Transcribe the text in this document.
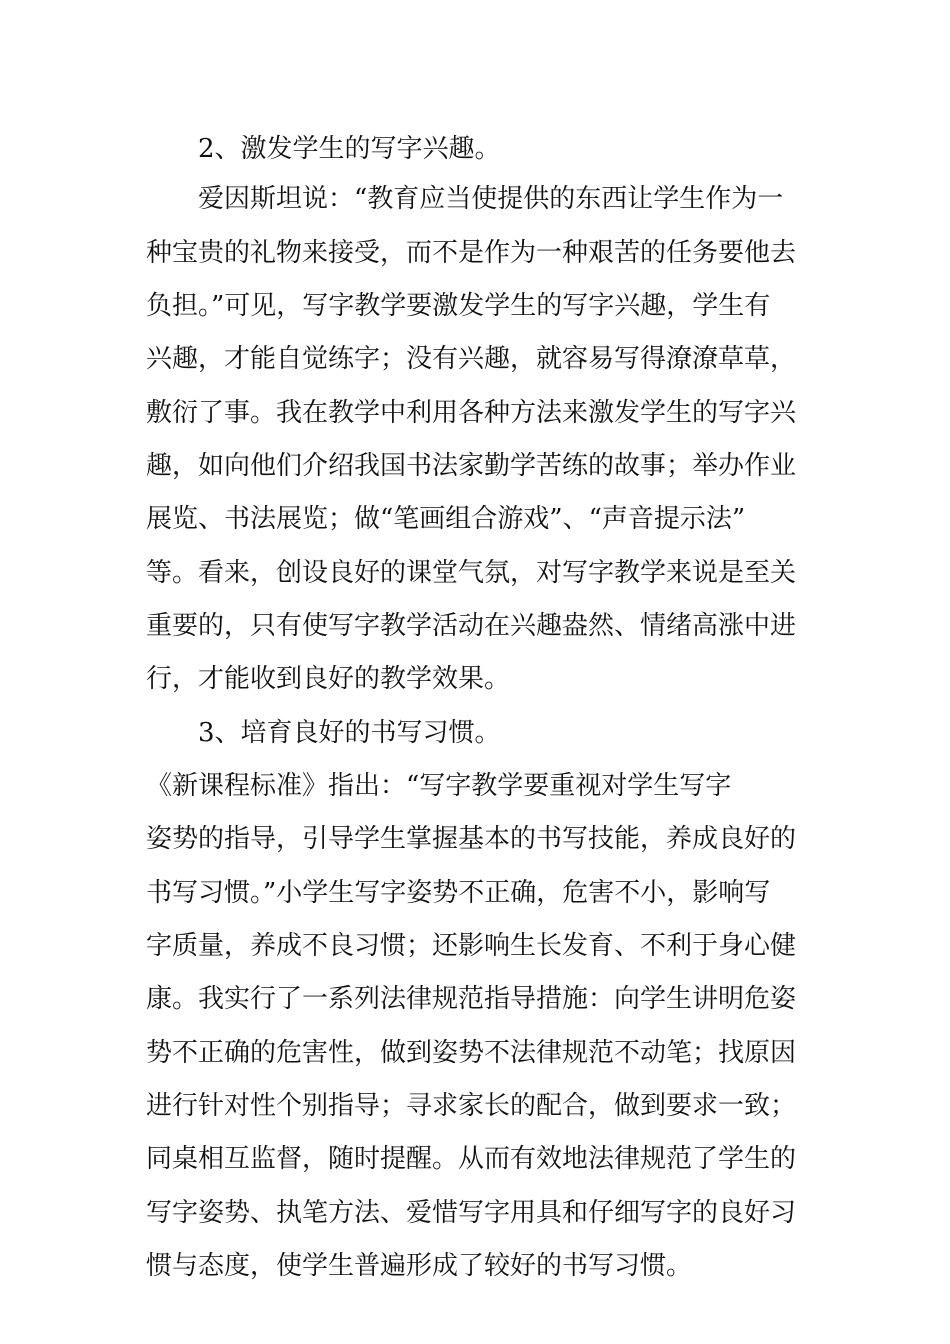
2、激发学生的写字兴趣。
爱因斯坦说：“教育应当使提供的东西让学生作为一
种宝贵的礼物来接受，而不是作为一种艰苦的任务要他去
负担。”可见，写字教学要激发学生的写字兴趣，学生有
兴趣，才能自觉练字；没有兴趣，就容易写得潦潦草草，
敷衍了事。我在教学中利用各种方法来激发学生的写字兴
趣，如向他们介绍我国书法家勤学苦练的故事；举办作业
展览、书法展览；做“笔画组合游戏”、“声音提示法”
等。看来，创设良好的课堂气氛，对写字教学来说是至关
重要的，只有使写字教学活动在兴趣盎然、情绪高涨中进
行，才能收到良好的教学效果。
3、培育良好的书写习惯。
《新课程标准》指出：“写字教学要重视对学生写字
姿势的指导，引导学生掌握基本的书写技能，养成良好的
书写习惯。”小学生写字姿势不正确，危害不小，影响写
字质量，养成不良习惯；还影响生长发育、不利于身心健
康。我实行了一系列法律规范指导措施：向学生讲明危姿
势不正确的危害性，做到姿势不法律规范不动笔；找原因
进行针对性个别指导；寻求家长的配合，做到要求一致；
同桌相互监督，随时提醒。从而有效地法律规范了学生的
写字姿势、执笔方法、爱惜写字用具和仔细写字的良好习
惯与态度，使学生普遍形成了较好的书写习惯。
